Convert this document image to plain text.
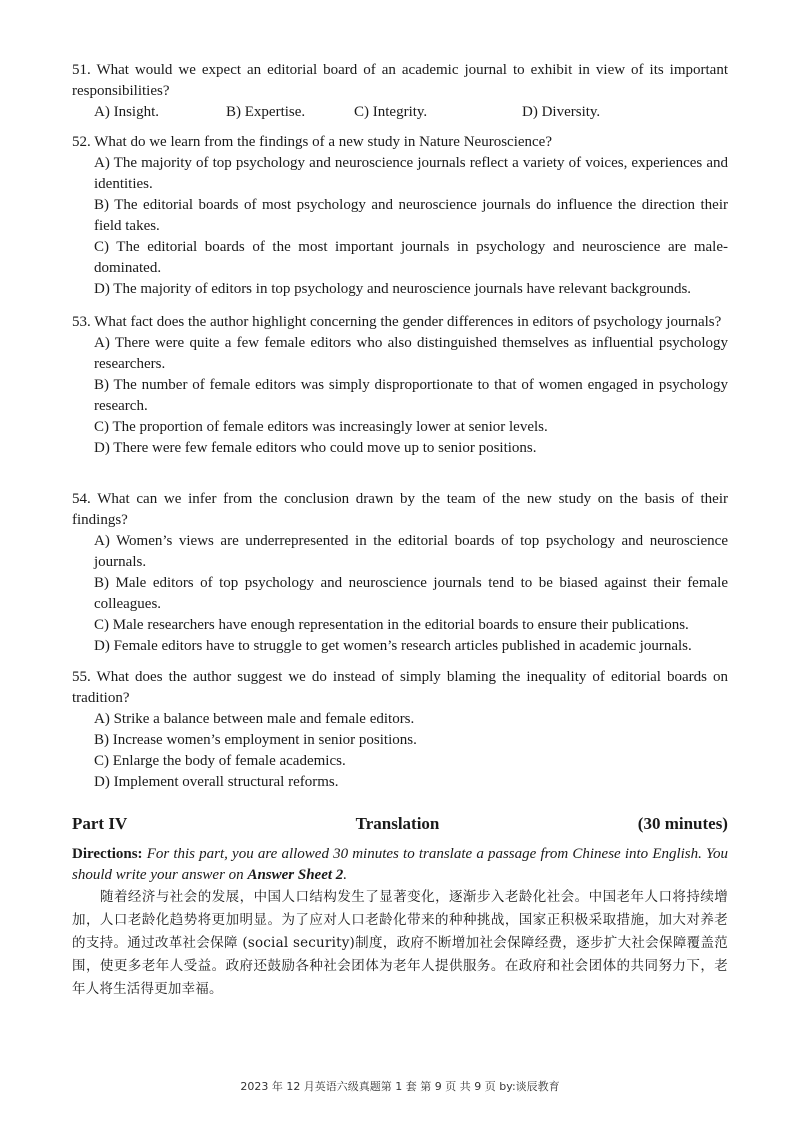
51. What would we expect an editorial board of an academic journal to exhibit in view of its important responsibilities?
A) Insight.	B) Expertise.	C) Integrity.	D) Diversity.
52. What do we learn from the findings of a new study in Nature Neuroscience?
A) The majority of top psychology and neuroscience journals reflect a variety of voices, experiences and identities.
B) The editorial boards of most psychology and neuroscience journals do influence the direction their field takes.
C) The editorial boards of the most important journals in psychology and neuroscience are male-dominated.
D) The majority of editors in top psychology and neuroscience journals have relevant backgrounds.
53. What fact does the author highlight concerning the gender differences in editors of psychology journals?
A) There were quite a few female editors who also distinguished themselves as influential psychology researchers.
B) The number of female editors was simply disproportionate to that of women engaged in psychology research.
C) The proportion of female editors was increasingly lower at senior levels.
D) There were few female editors who could move up to senior positions.
54. What can we infer from the conclusion drawn by the team of the new study on the basis of their findings?
A) Women’s views are underrepresented in the editorial boards of top psychology and neuroscience journals.
B) Male editors of top psychology and neuroscience journals tend to be biased against their female colleagues.
C) Male researchers have enough representation in the editorial boards to ensure their publications.
D) Female editors have to struggle to get women’s research articles published in academic journals.
55. What does the author suggest we do instead of simply blaming the inequality of editorial boards on tradition?
A) Strike a balance between male and female editors.
B) Increase women’s employment in senior positions.
C) Enlarge the body of female academics.
D) Implement overall structural reforms.
Part IV	Translation	(30 minutes)
Directions: For this part, you are allowed 30 minutes to translate a passage from Chinese into English. You should write your answer on Answer Sheet 2.
随着经济与社会的发展，中国人口结构发生了显著变化，逐渐步入老龄化社会。中国老年人口将持续增加，人口老龄化趋势将更加明显。为了应对人口老龄化带来的种种挑战，国家正积极采取措施，加大对养老的支持。通过改革社会保障 (social security)制度，政府不断增加社会保障经费，逐步扩大社会保障覆盖范围，使更多老年人受益。政府还鼓励各种社会团体为老年人提供服务。在政府和社会团体的共同努力下，老年人将生活得更加幸福。
2023 年 12 月英语六级真题第 1 套 第 9 页 共 9 页 by:谈辰教育
